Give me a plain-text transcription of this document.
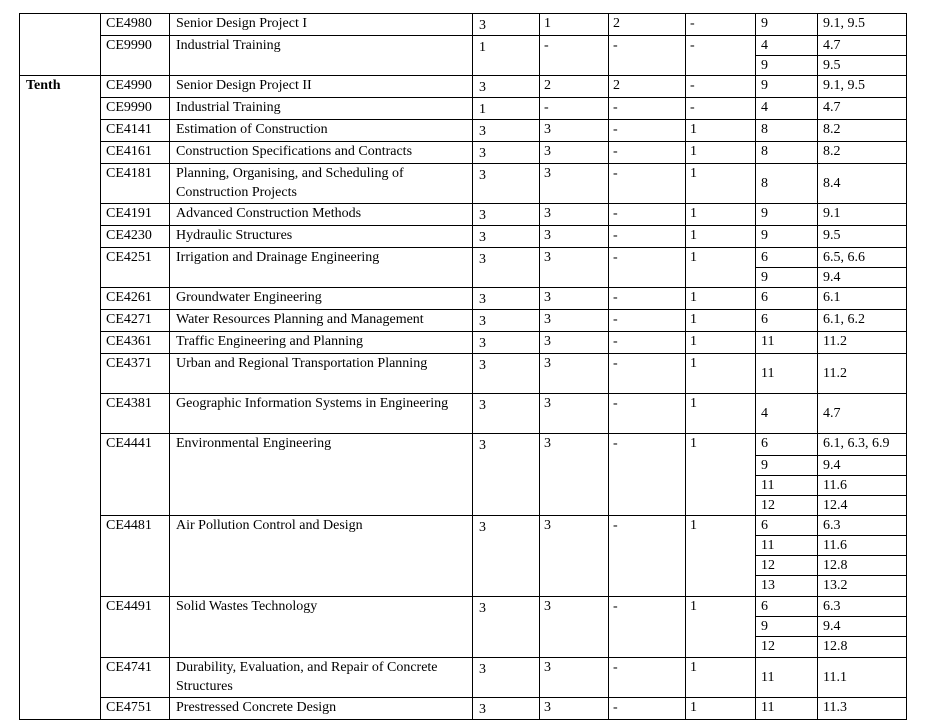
	CE4980	Senior Design Project I	3	1	2	-	9	9.1, 9.5
	CE9990	Industrial Training	1	-	-	-	4	4.7
							9	9.5
Tenth	CE4990	Senior Design Project II	3	2	2	-	9	9.1, 9.5
	CE9990	Industrial Training	1	-	-	-	4	4.7
	CE4141	Estimation of Construction	3	3	-	1	8	8.2
	CE4161	Construction Specifications and Contracts	3	3	-	1	8	8.2
	CE4181	Planning, Organising, and Scheduling of Construction Projects	3	3	-	1	8	8.4
	CE4191	Advanced Construction Methods	3	3	-	1	9	9.1
	CE4230	Hydraulic Structures	3	3	-	1	9	9.5
	CE4251	Irrigation and Drainage Engineering	3	3	-	1	6	6.5, 6.6
							9	9.4
	CE4261	Groundwater Engineering	3	3	-	1	6	6.1
	CE4271	Water Resources Planning and Management	3	3	-	1	6	6.1, 6.2
	CE4361	Traffic Engineering and Planning	3	3	-	1	11	11.2
	CE4371	Urban and Regional Transportation Planning	3	3	-	1	11	11.2
	CE4381	Geographic Information Systems in Engineering	3	3	-	1	4	4.7
	CE4441	Environmental Engineering	3	3	-	1	6	6.1, 6.3, 6.9
							9	9.4
							11	11.6
							12	12.4
	CE4481	Air Pollution Control and Design	3	3	-	1	6	6.3
							11	11.6
							12	12.8
							13	13.2
	CE4491	Solid Wastes Technology	3	3	-	1	6	6.3
							9	9.4
							12	12.8
	CE4741	Durability, Evaluation, and Repair of Concrete Structures	3	3	-	1	11	11.1
	CE4751	Prestressed Concrete Design	3	3	-	1	11	11.3
